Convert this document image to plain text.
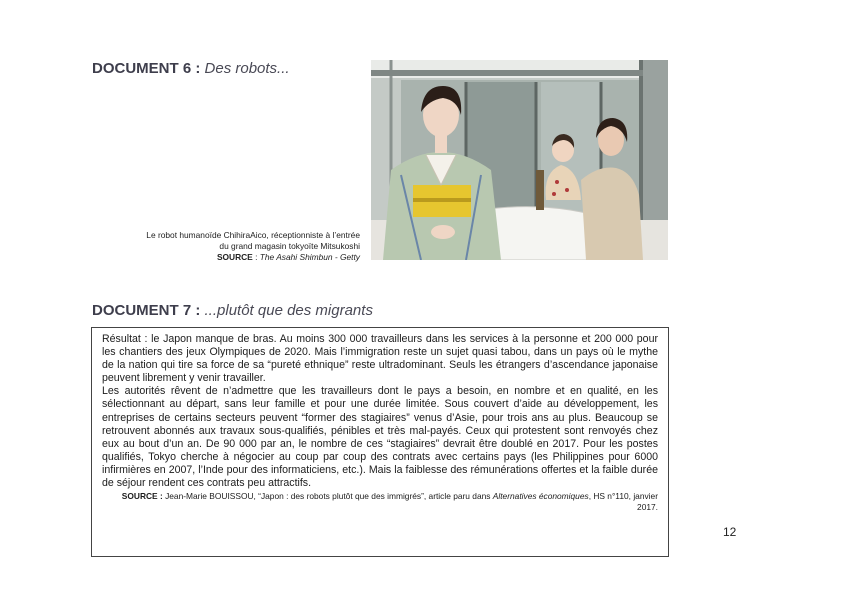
DOCUMENT 6 : Des robots...
Le robot humanoïde ChihiraAico, réceptionniste à l’entrée
du grand magasin tokyoïte Mitsukoshi
SOURCE : The Asahi Shimbun - Getty
DOCUMENT 7 : ...plutôt que des migrants

Résultat : le Japon manque de bras. Au moins 300 000 travailleurs dans les services à la personne et 200 000 pour les chantiers des jeux Olympiques de 2020. Mais l’immigration reste un sujet quasi tabou, dans un pays où le mythe de la nation qui tire sa force de sa “pureté ethnique” reste ultradominant. Seuls les étrangers d’ascendance japonaise peuvent librement y venir travailler.

Les autorités rêvent de n’admettre que les travailleurs dont le pays a besoin, en nombre et en qualité, en les sélectionnant au départ, sans leur famille et pour une durée limitée. Sous couvert d’aide au développement, les entreprises de certains secteurs peuvent “former des stagiaires” venus d’Asie, pour trois ans au plus. Beaucoup se retrouvent abonnés aux travaux sous-qualifiés, pénibles et très mal-payés. Ceux qui protestent sont renvoyés chez eux au bout d’un an. De 90 000 par an, le nombre de ces “stagiaires” devrait être doublé en 2017. Pour les postes qualifiés, Tokyo cherche à négocier au coup par coup des contrats avec certains pays (les Philippines pour 6000 infirmières en 2007, l’Inde pour des informaticiens, etc.). Mais la faiblesse des rémunérations offertes et la faible durée de séjour rendent ces contrats peu attractifs.

SOURCE : Jean-Marie BOUISSOU, “Japon : des robots plutôt que des immigrés”, article paru dans Alternatives économiques, HS n°110, janvier 2017.
12
